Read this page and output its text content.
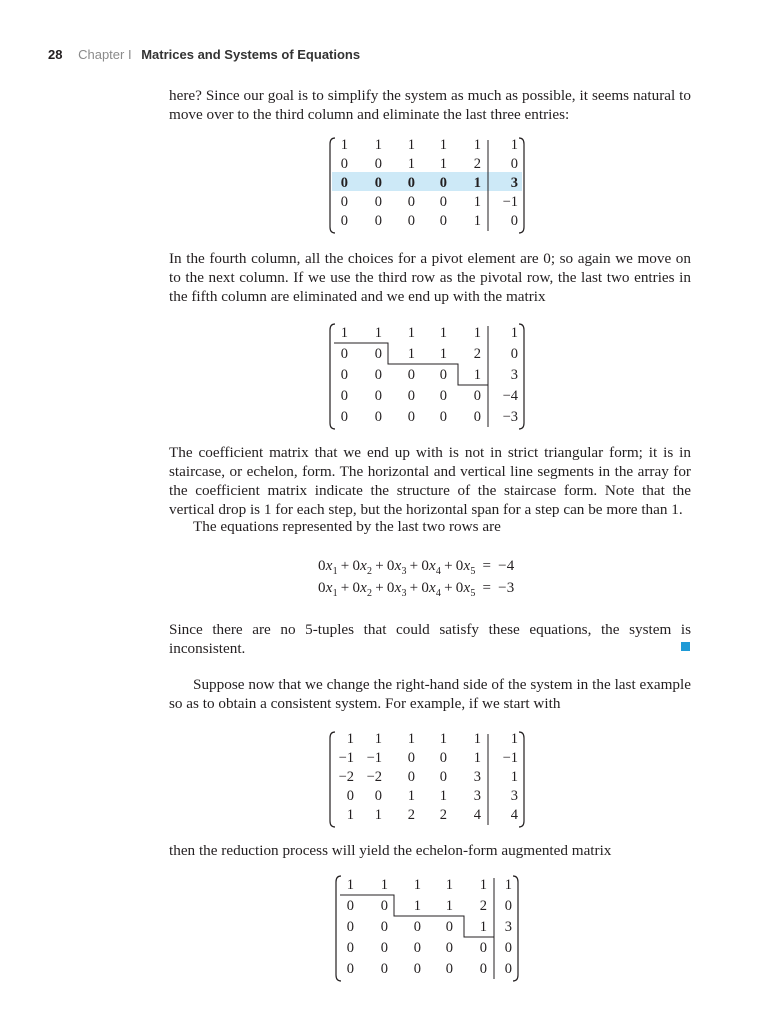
28 Chapter I Matrices and Systems of Equations

here? Since our goal is to simplify the system as much as possible, it seems natural to move over to the third column and eliminate the last three entries:

1 1 1 1 1 1
0 0 1 1 2 0
0 0 0 0 1 3
0 0 0 0 1 −1
0 0 0 0 1 0

In the fourth column, all the choices for a pivot element are 0; so again we move on to the next column. If we use the third row as the pivotal row, the last two entries in the fifth column are eliminated and we end up with the matrix

1 1 1 1 1 1
0 0 1 1 2 0
0 0 0 0 1 3
0 0 0 0 0 −4
0 0 0 0 0 −3

The coefficient matrix that we end up with is not in strict triangular form; it is in staircase, or echelon, form. The horizontal and vertical line segments in the array for the coefficient matrix indicate the structure of the staircase form. Note that the vertical drop is 1 for each step, but the horizontal span for a step can be more than 1.

The equations represented by the last two rows are
$0x_1 + 0x_2 + 0x_3 + 0x_4 + 0x_5 = -4$
$0x_1 + 0x_2 + 0x_3 + 0x_4 + 0x_5 = -3$

Since there are no 5-tuples that could satisfy these equations, the system is inconsistent.

Suppose now that we change the right-hand side of the system in the last example so as to obtain a consistent system. For example, if we start with

1 1 1 1 1 1
−1 −1 0 0 1 −1
−2 −2 0 0 3 1
0 0 1 1 3 3
1 1 2 2 4 4

then the reduction process will yield the echelon-form augmented matrix

1 1 1 1 1 1
0 0 1 1 2 0
0 0 0 0 1 3
0 0 0 0 0 0
0 0 0 0 0 0
